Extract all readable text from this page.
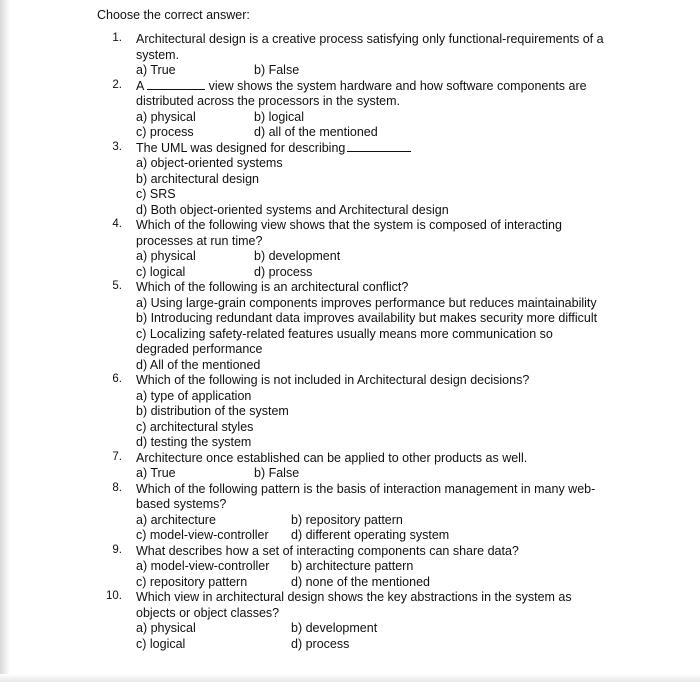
Choose the correct answer:
1. Architectural design is a creative process satisfying only functional-requirements of a system.
a) True	b) False
2. A	view shows the system hardware and how software components are distributed across the processors in the system.
a) physical	b) logical
c) process	d) all of the mentioned
3. The UML was designed for describing
a) object-oriented systems
b) architectural design
c) SRS
d) Both object-oriented systems and Architectural design
4. Which of the following view shows that the system is composed of interacting processes at run time?
a) physical	b) development
c) logical	d) process
5. Which of the following is an architectural conflict?
a) Using large-grain components improves performance but reduces maintainability
b) Introducing redundant data improves availability but makes security more difficult
c) Localizing safety-related features usually means more communication so degraded performance
d) All of the mentioned
6. Which of the following is not included in Architectural design decisions?
a) type of application
b) distribution of the system
c) architectural styles
d) testing the system
7. Architecture once established can be applied to other products as well.
a) True	b) False
8. Which of the following pattern is the basis of interaction management in many web-based systems?
a) architecture	b) repository pattern
c) model-view-controller d) different operating system
9. What describes how a set of interacting components can share data?
a) model-view-controller b) architecture pattern
c) repository pattern	d) none of the mentioned
10. Which view in architectural design shows the key abstractions in the system as objects or object classes?
a) physical	b) development
c) logical	d) process
